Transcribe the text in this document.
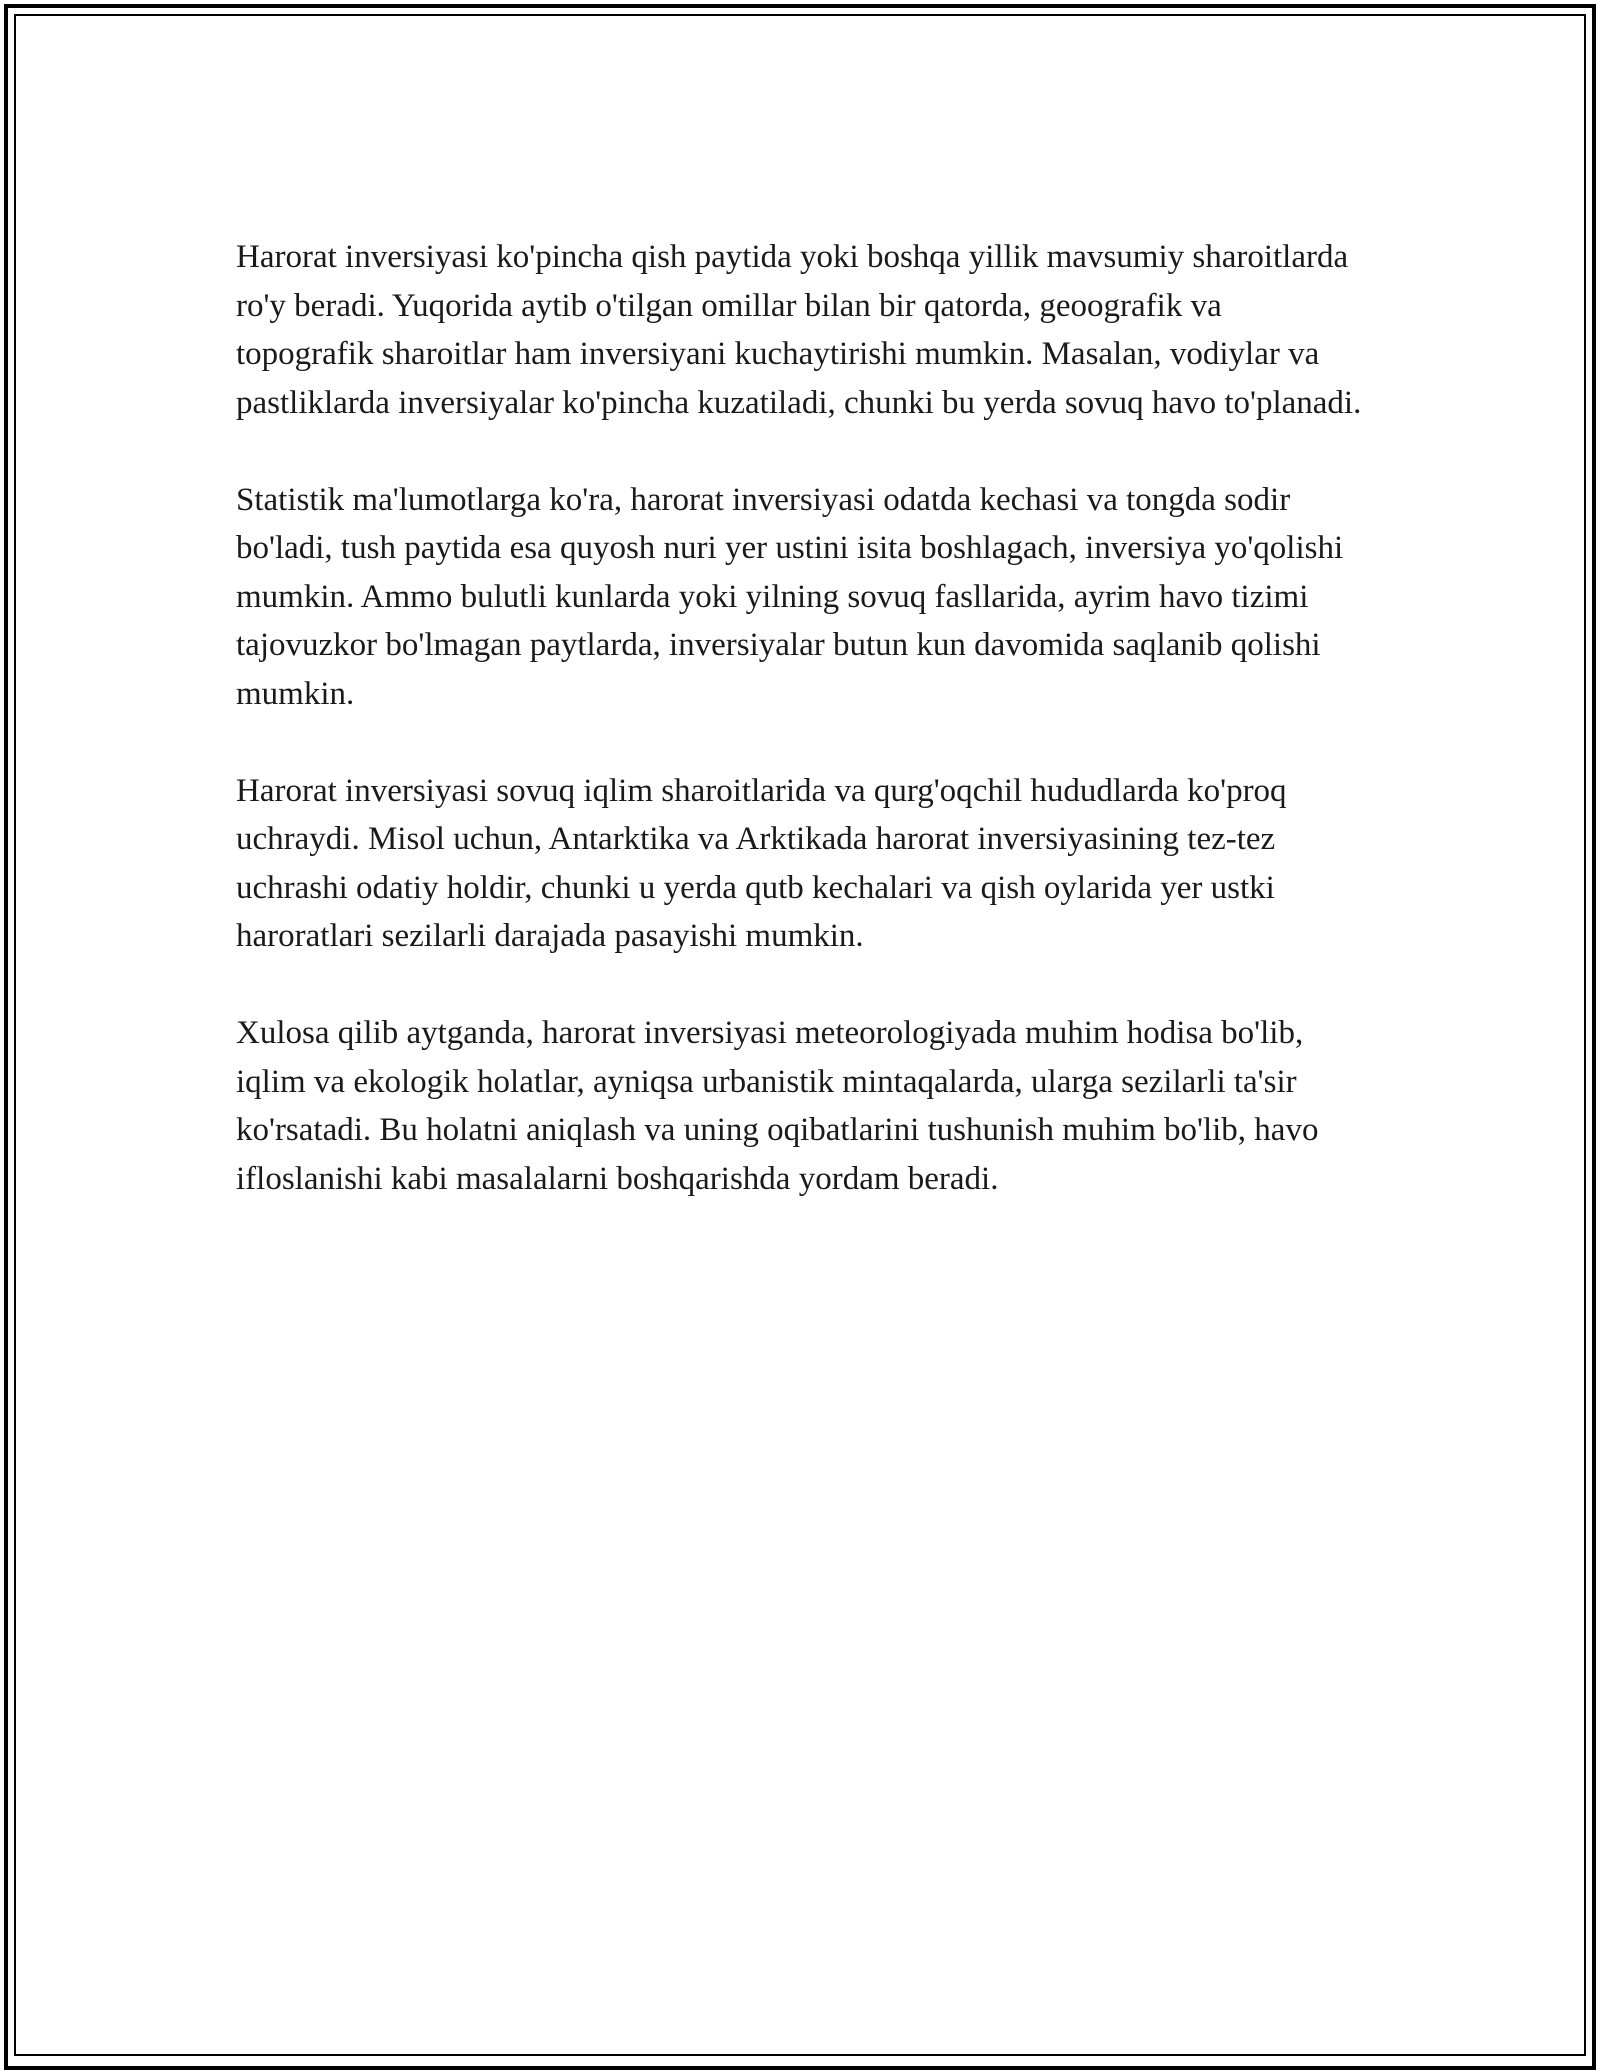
Harorat inversiyasi ko'pincha qish paytida yoki boshqa yillik mavsumiy sharoitlarda ro'y beradi. Yuqorida aytib o'tilgan omillar bilan bir qatorda, geoografik va topografik sharoitlar ham inversiyani kuchaytirishi mumkin. Masalan, vodiylar va pastliklarda inversiyalar ko'pincha kuzatiladi, chunki bu yerda sovuq havo to'planadi.

Statistik ma'lumotlarga ko'ra, harorat inversiyasi odatda kechasi va tongda sodir bo'ladi, tush paytida esa quyosh nuri yer ustini isita boshlagach, inversiya yo'qolishi mumkin. Ammo bulutli kunlarda yoki yilning sovuq fasllarida, ayrim havo tizimi tajovuzkor bo'lmagan paytlarda, inversiyalar butun kun davomida saqlanib qolishi mumkin.

Harorat inversiyasi sovuq iqlim sharoitlarida va qurg'oqchil hududlarda ko'proq uchraydi. Misol uchun, Antarktika va Arktikada harorat inversiyasining tez-tez uchrashi odatiy holdir, chunki u yerda qutb kechalari va qish oylarida yer ustki haroratlari sezilarli darajada pasayishi mumkin.

Xulosa qilib aytganda, harorat inversiyasi meteorologiyada muhim hodisa bo'lib, iqlim va ekologik holatlar, ayniqsa urbanistik mintaqalarda, ularga sezilarli ta'sir ko'rsatadi. Bu holatni aniqlash va uning oqibatlarini tushunish muhim bo'lib, havo ifloslanishi kabi masalalarni boshqarishda yordam beradi.
